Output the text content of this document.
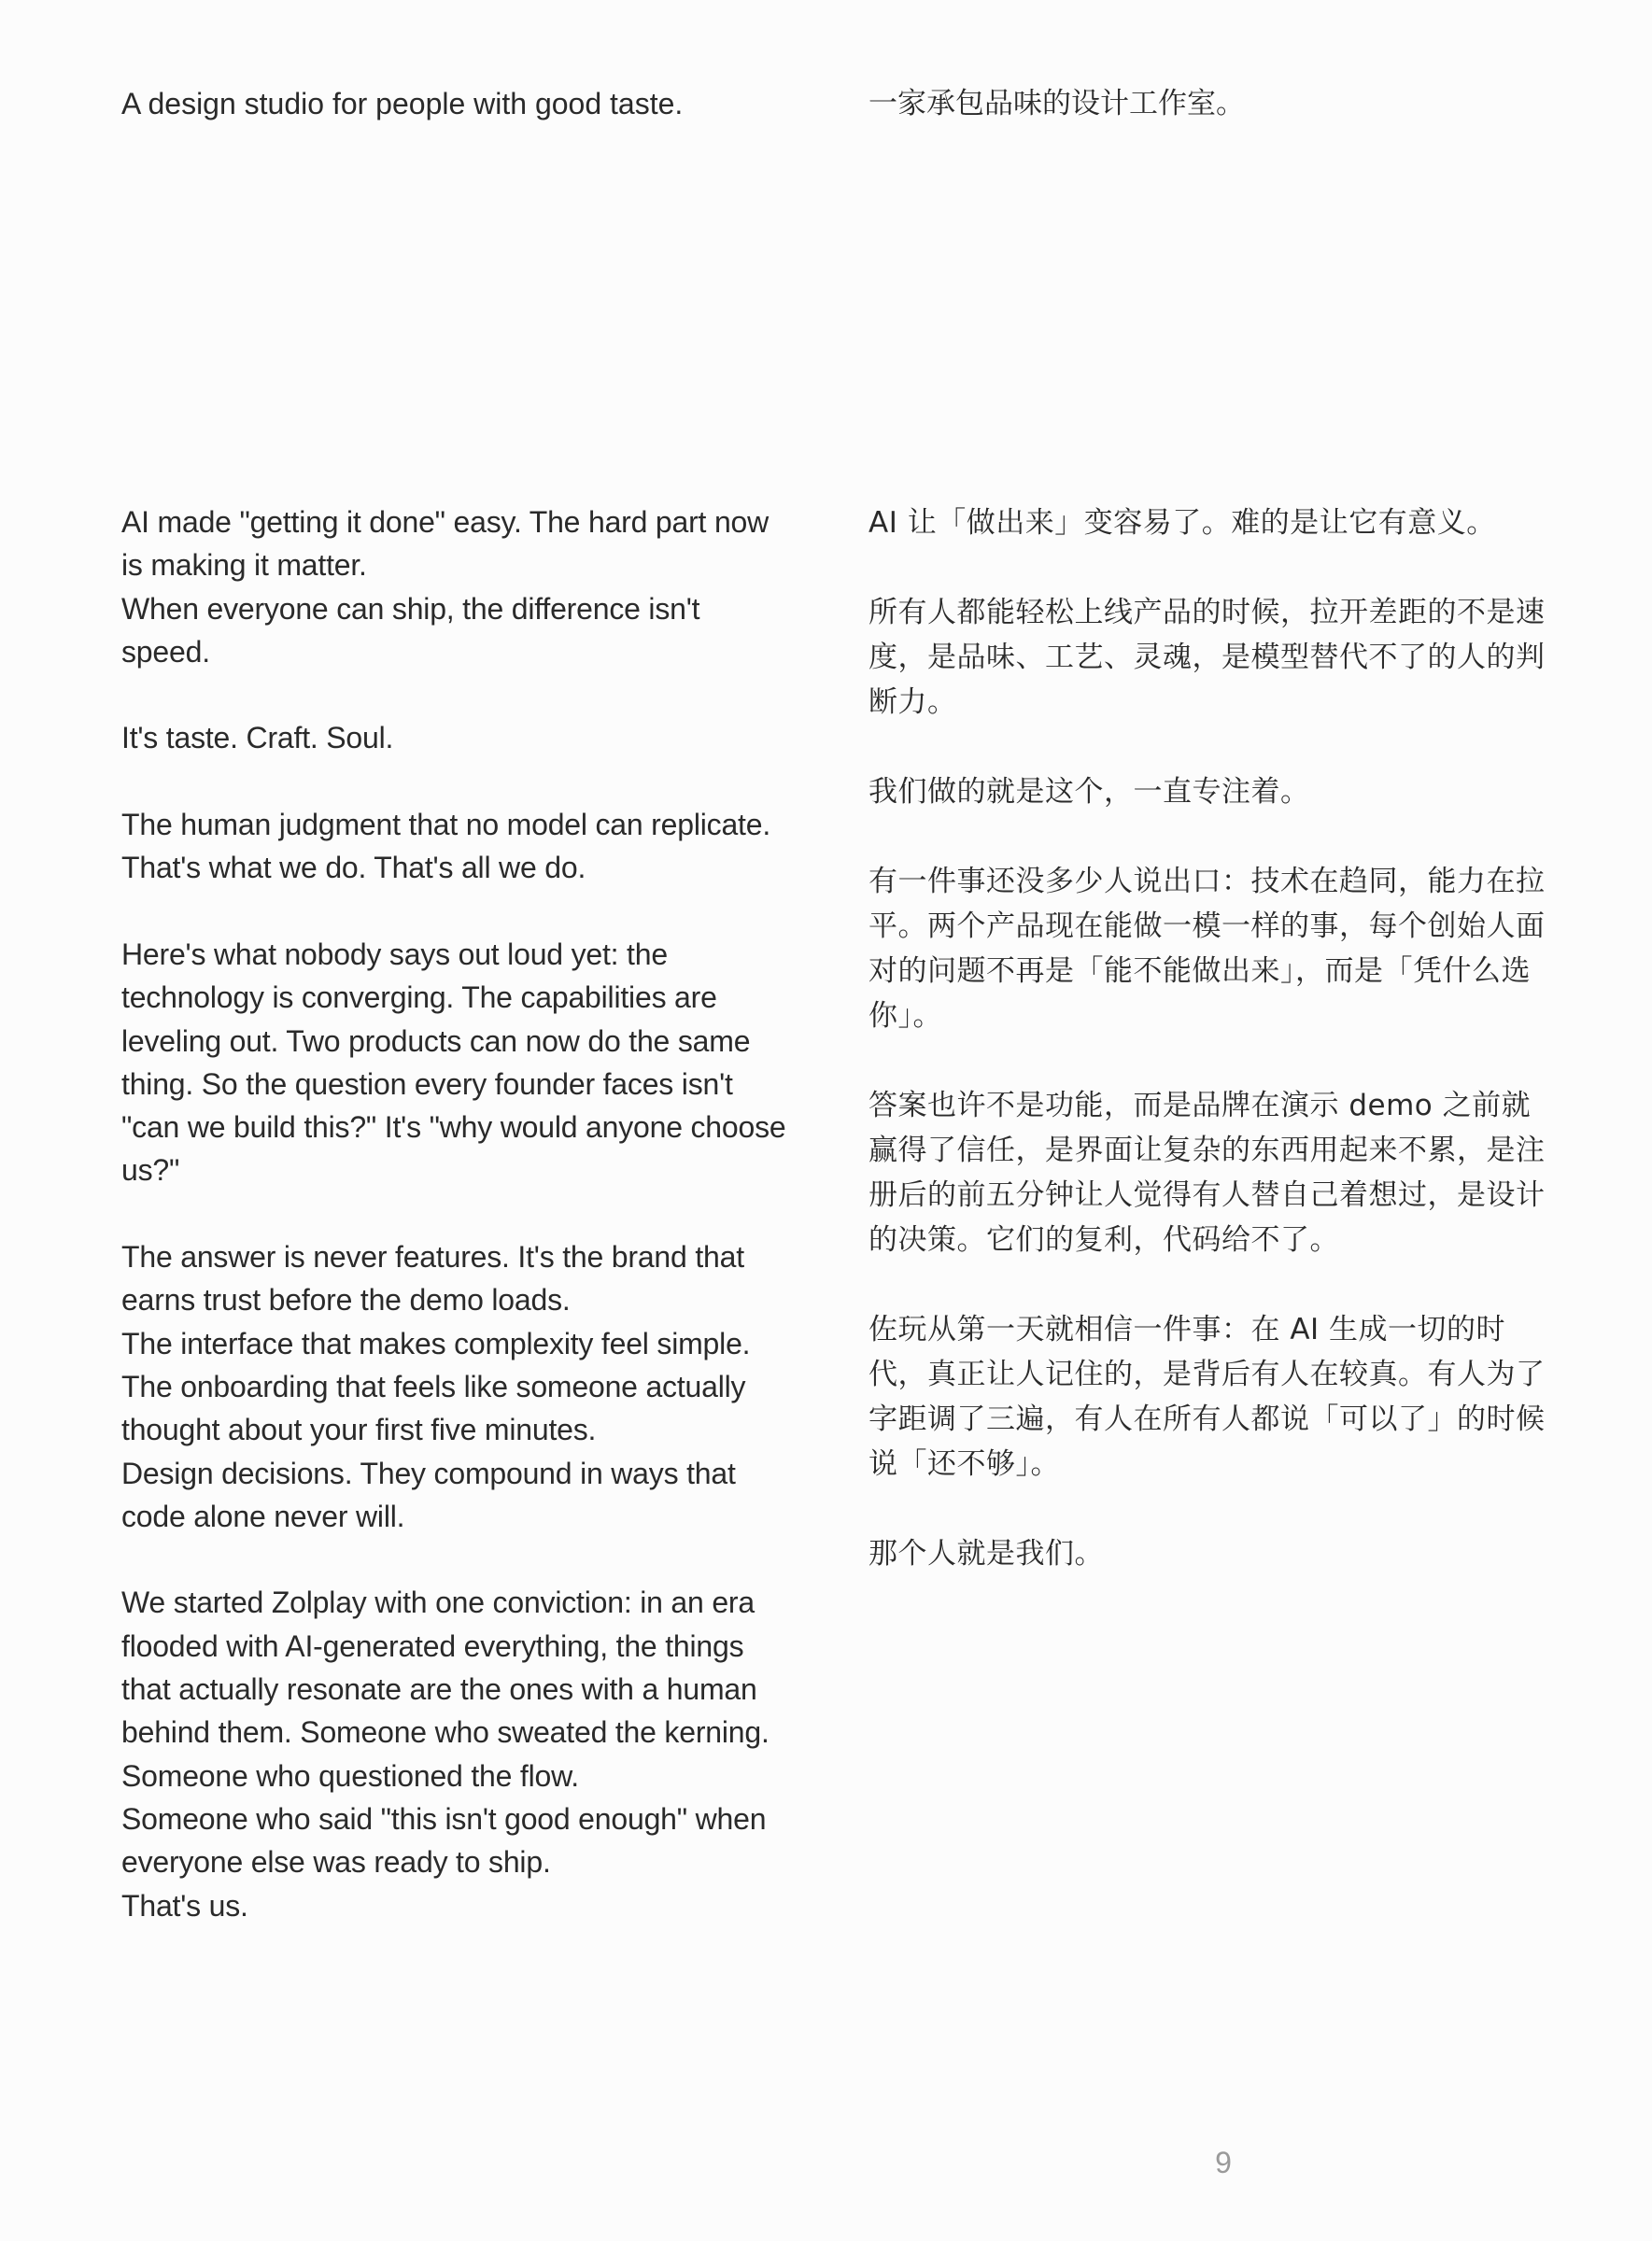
A design studio for people with good taste.	一家承包品味的设计工作室。

AI made "getting it done" easy. The hard part now is making it matter.
When everyone can ship, the difference isn't speed.

It's taste. Craft. Soul.

The human judgment that no model can replicate.
That's what we do. That's all we do.

Here's what nobody says out loud yet: the technology is converging. The capabilities are leveling out. Two products can now do the same thing. So the question every founder faces isn't "can we build this?" It's "why would anyone choose us?"

The answer is never features. It's the brand that earns trust before the demo loads.
The interface that makes complexity feel simple.
The onboarding that feels like someone actually thought about your first five minutes.
Design decisions. They compound in ways that code alone never will.

We started Zolplay with one conviction: in an era flooded with AI-generated everything, the things that actually resonate are the ones with a human behind them. Someone who sweated the kerning.
Someone who questioned the flow.
Someone who said "this isn't good enough" when everyone else was ready to ship.
That's us.

AI 让「做出来」变容易了。难的是让它有意义。

所有人都能轻松上线产品的时候，拉开差距的不是速度，是品味、工艺、灵魂，是模型替代不了的人的判断力。

我们做的就是这个，一直专注着。

有一件事还没多少人说出口：技术在趋同，能力在拉平。两个产品现在能做一模一样的事，每个创始人面对的问题不再是「能不能做出来」，而是「凭什么选你」。

答案也许不是功能，而是品牌在演示 demo 之前就赢得了信任，是界面让复杂的东西用起来不累，是注册后的前五分钟让人觉得有人替自己着想过，是设计的决策。它们的复利，代码给不了。

佐玩从第一天就相信一件事：在 AI 生成一切的时代，真正让人记住的，是背后有人在较真。有人为了字距调了三遍，有人在所有人都说「可以了」的时候说「还不够」。

那个人就是我们。

9
